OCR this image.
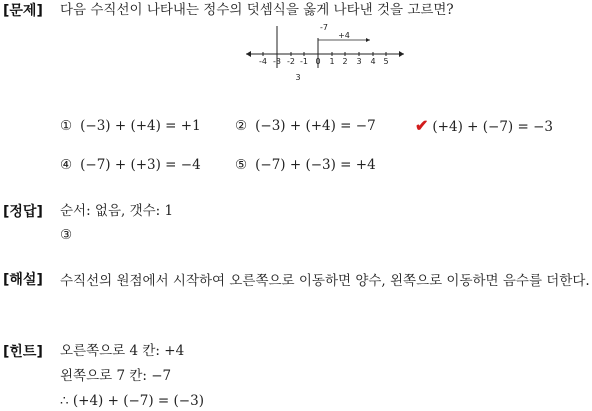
[문제] 다음 수직선이 나타내는 정수의 덧셈식을 옳게 나타낸 것을 고르면?
-4 -3 -2 -1 0 1 2 3 4 5
-7
+4
3
① (−3) + (+4) = +1	② (−3) + (+4) = −7 ✔ (+4) + (−7) = −3
④ (−7) + (+3) = −4	⑤ (−7) + (−3) = +4
[정답] 순서: 없음, 갯수: 1
③
[해설] 수직선의 원점에서 시작하여 오른쪽으로 이동하면 양수, 왼쪽으로 이동하면 음수를 더한다.
[힌트] 오른쪽으로 4 칸: +4
왼쪽으로 7 칸: −7
∴ (+4) + (−7) = (−3)
